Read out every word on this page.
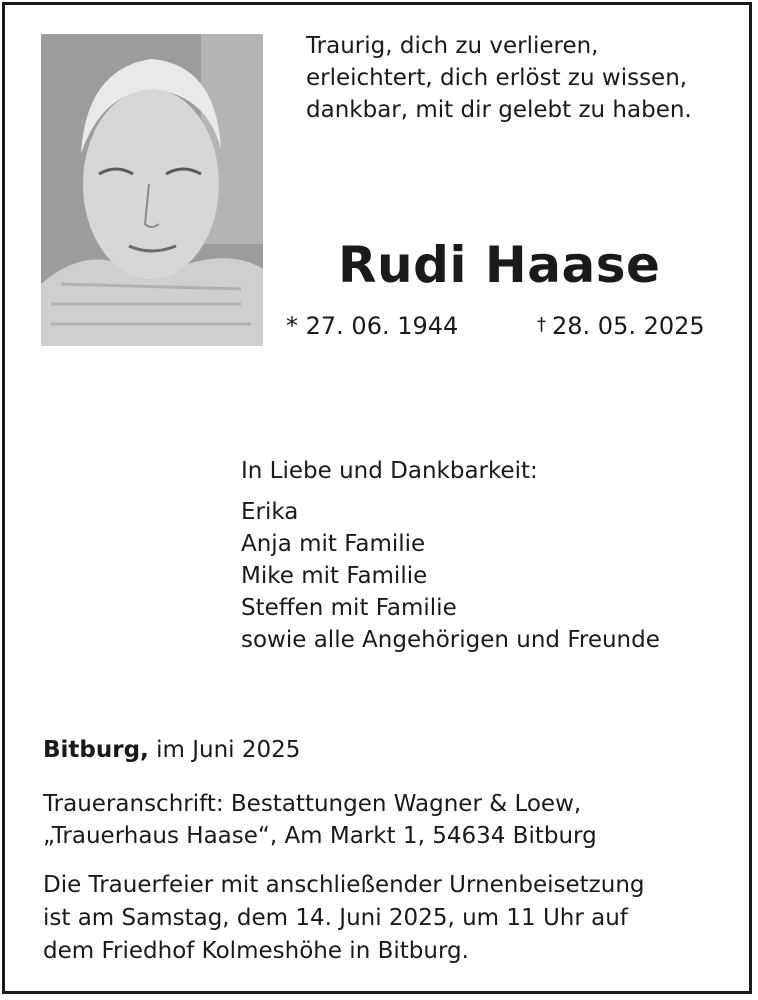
Traurig, dich zu verlieren,
erleichtert, dich erlöst zu wissen,
dankbar, mit dir gelebt zu haben.
Rudi Haase
* 27. 06. 1944	† 28. 05. 2025
In Liebe und Dankbarkeit:
Erika
Anja mit Familie
Mike mit Familie
Steffen mit Familie
sowie alle Angehörigen und Freunde
Bitburg, im Juni 2025
Traueranschrift: Bestattungen Wagner & Loew,
„Trauerhaus Haase“, Am Markt 1, 54634 Bitburg
Die Trauerfeier mit anschließender Urnenbeisetzung
ist am Samstag, dem 14. Juni 2025, um 11 Uhr auf
dem Friedhof Kolmeshöhe in Bitburg.
